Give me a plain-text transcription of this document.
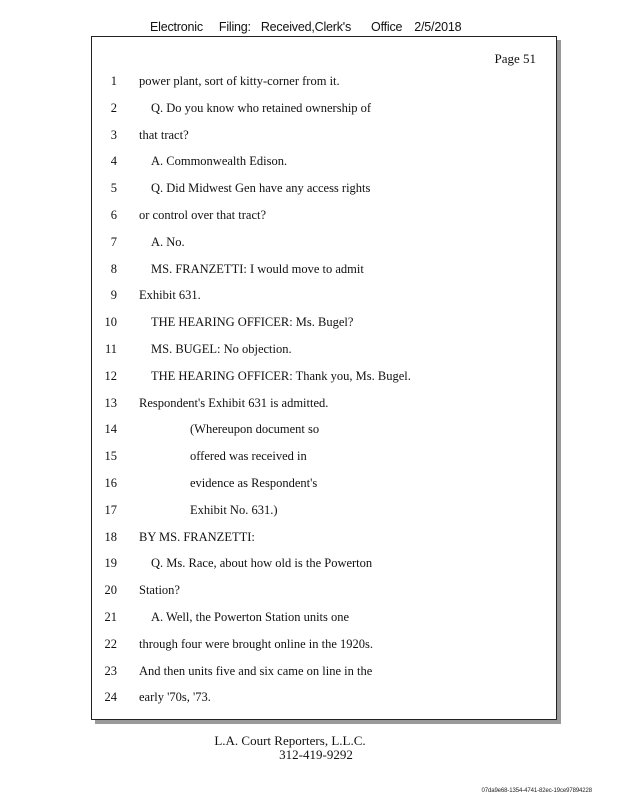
Electronic Filing: Received,Clerk's Office 2/5/2018
Page 51
1 power plant, sort of kitty-corner from it.
2	Q. Do you know who retained ownership of
3 that tract?
4	A. Commonwealth Edison.
5	Q. Did Midwest Gen have any access rights
6 or control over that tract?
7	A. No.
8	MS. FRANZETTI: I would move to admit
9 Exhibit 631.
10	THE HEARING OFFICER: Ms. Bugel?
11	MS. BUGEL: No objection.
12	THE HEARING OFFICER: Thank you, Ms. Bugel.
13 Respondent's Exhibit 631 is admitted.
14	(Whereupon document so
15	offered was received in
16	evidence as Respondent's
17	Exhibit No. 631.)
18 BY MS. FRANZETTI:
19	Q. Ms. Race, about how old is the Powerton
20 Station?
21	A. Well, the Powerton Station units one
22 through four were brought online in the 1920s.
23 And then units five and six came on line in the
24 early '70s, '73.
L.A. Court Reporters, L.L.C.
312-419-9292
07da9e68-1354-4741-82ec-19ce97894228
